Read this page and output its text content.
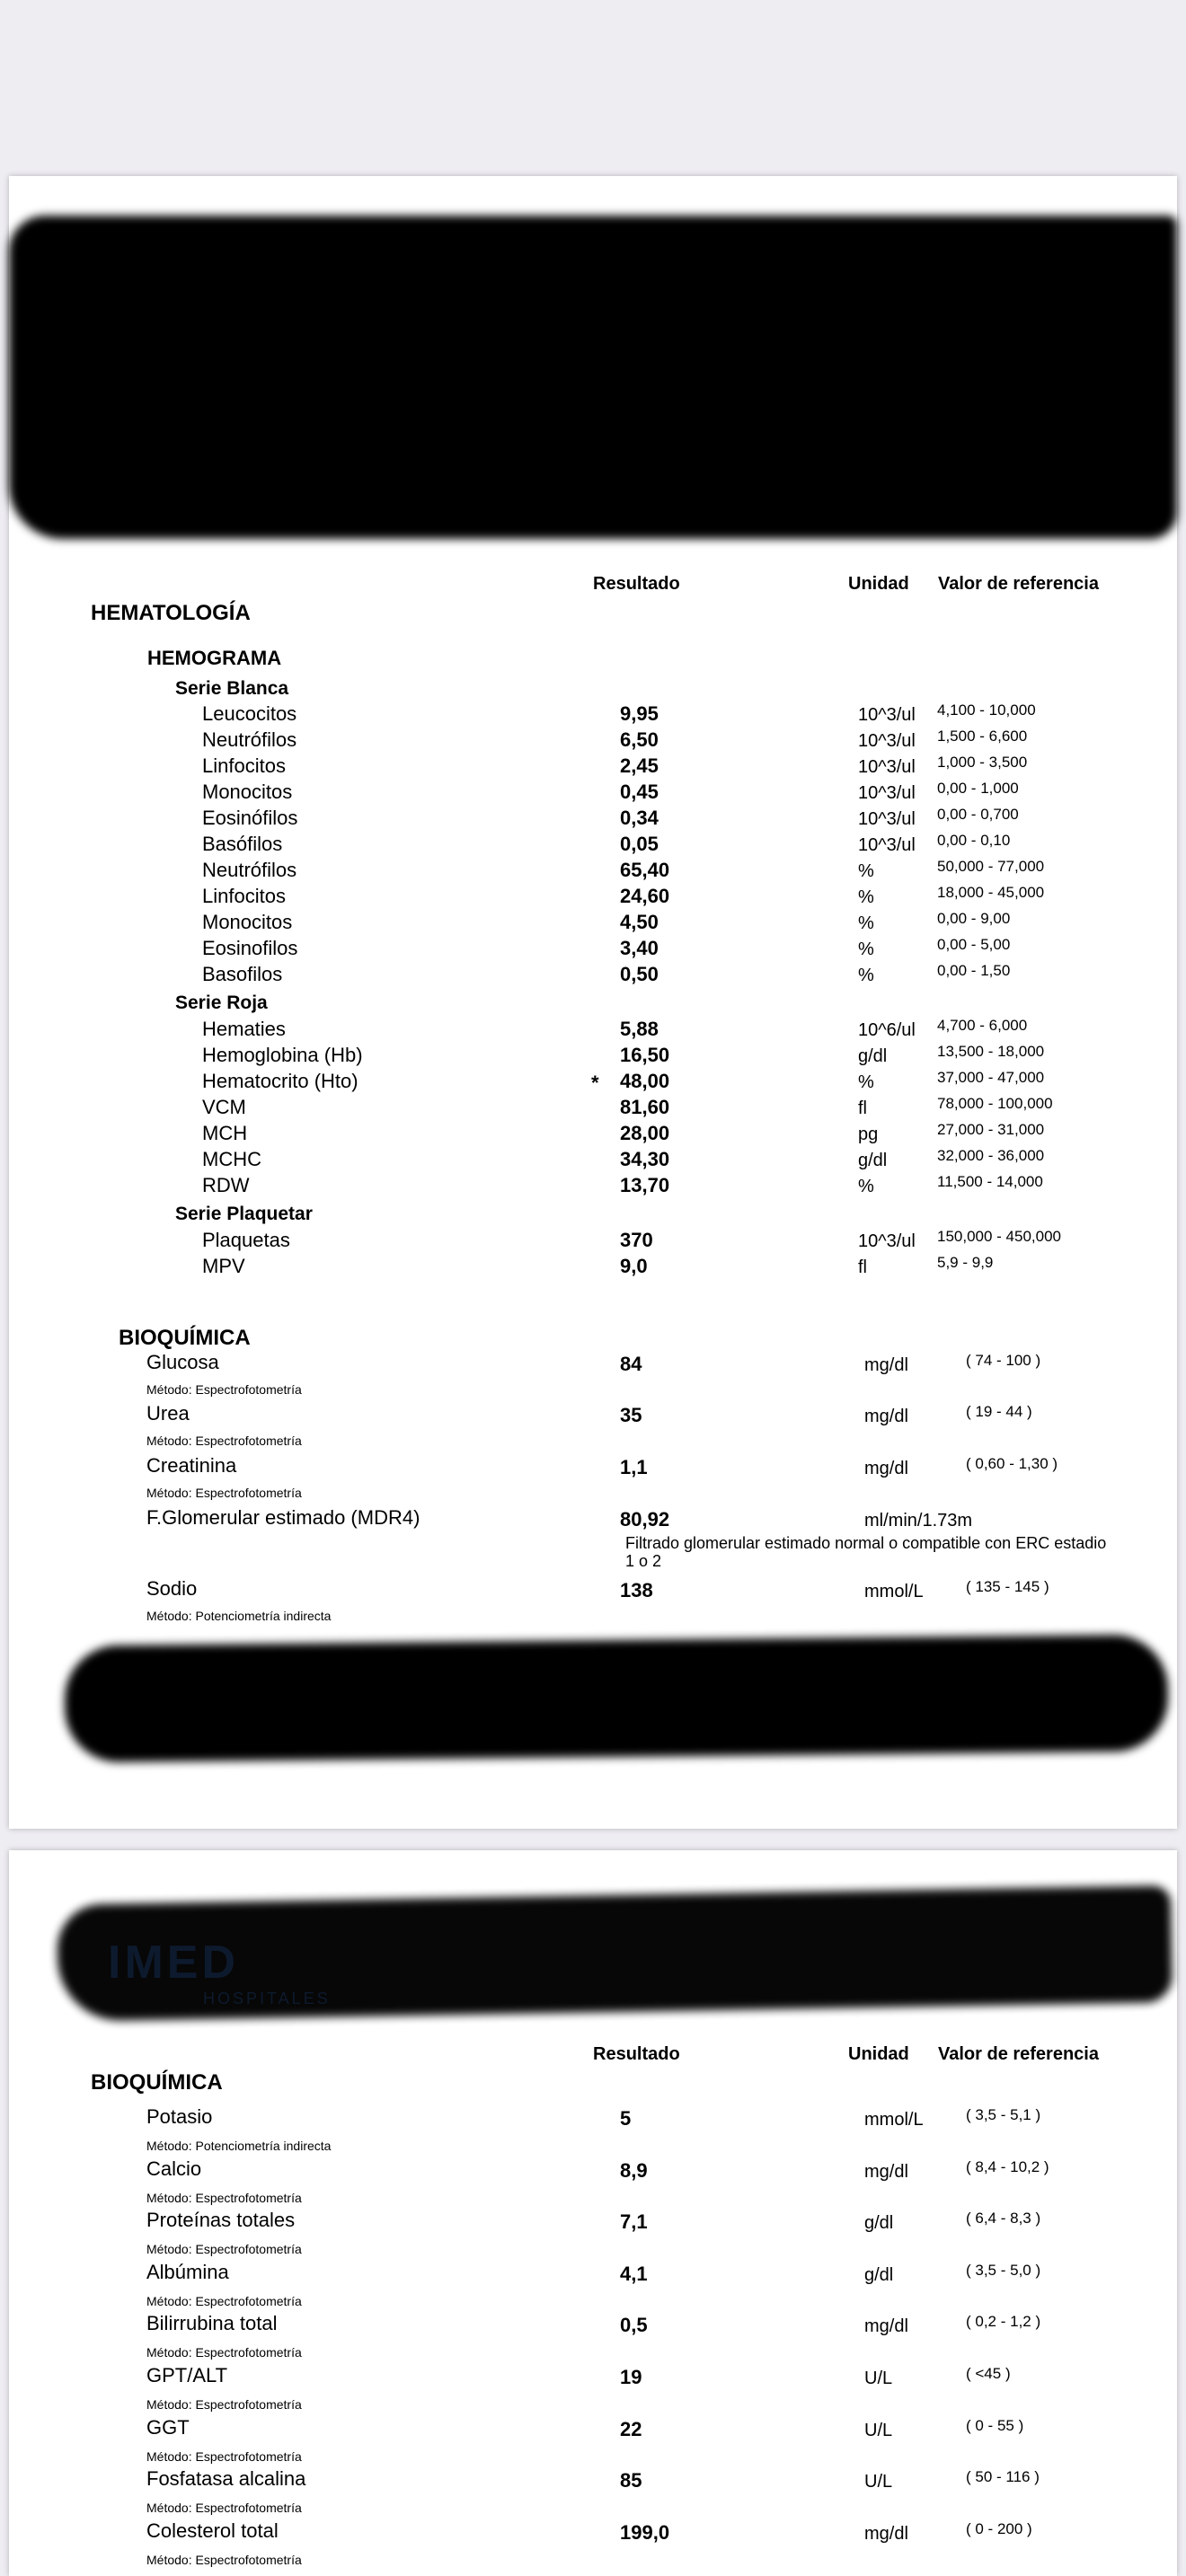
Resultado	Unidad Valor de referencia
HEMATOLOGÍA
HEMOGRAMA
Serie Blanca
Leucocitos	9,95	10^3/ul 4,100 - 10,000
Neutrófilos	6,50	10^3/ul 1,500 - 6,600
Linfocitos	2,45	10^3/ul 1,000 - 3,500
Monocitos	0,45	10^3/ul 0,00 - 1,000
Eosinófilos	0,34	10^3/ul 0,00 - 0,700
Basófilos	0,05	10^3/ul 0,00 - 0,10
Neutrófilos	65,40	%	50,000 - 77,000
Linfocitos	24,60	%	18,000 - 45,000
Monocitos	4,50	%	0,00 - 9,00
Eosinofilos	3,40	%	0,00 - 5,00
Basofilos	0,50	%	0,00 - 1,50
Serie Roja
Hematies	5,88	10^6/ul 4,700 - 6,000
Hemoglobina (Hb)	16,50	g/dl	13,500 - 18,000
Hematocrito (Hto)	* 48,00	%	37,000 - 47,000
VCM	81,60	fl	78,000 - 100,000
MCH	28,00	pg	27,000 - 31,000
MCHC	34,30	g/dl	32,000 - 36,000
RDW	13,70	%	11,500 - 14,000
Serie Plaquetar
Plaquetas	370	10^3/ul 150,000 - 450,000
MPV	9,0	fl	5,9 - 9,9
BIOQUÍMICA
Glucosa	84	mg/dl	( 74 - 100 )
Método: Espectrofotometría
Urea	35	mg/dl	( 19 - 44 )
Método: Espectrofotometría
Creatinina	1,1	mg/dl	( 0,60 - 1,30 )
Método: Espectrofotometría
F.Glomerular estimado (MDR4)	80,92	ml/min/1.73m
Sodio	138	mmol/L	( 135 - 145 )
Método: Potenciometría indirecta
Filtrado glomerular estimado normal o compatible con ERC estadio
1 o 2
IMED
HOSPITALES
Resultado	Unidad Valor de referencia
BIOQUÍMICA
Potasio	5	mmol/L	( 3,5 - 5,1 )
Método: Potenciometría indirecta
Calcio	8,9	mg/dl	( 8,4 - 10,2 )
Método: Espectrofotometría
Proteínas totales	7,1	g/dl	( 6,4 - 8,3 )
Método: Espectrofotometría
Albúmina	4,1	g/dl	( 3,5 - 5,0 )
Método: Espectrofotometría
Bilirrubina total	0,5	mg/dl	( 0,2 - 1,2 )
Método: Espectrofotometría
GPT/ALT	19	U/L	( <45 )
Método: Espectrofotometría
GGT	22	U/L	( 0 - 55 )
Método: Espectrofotometría
Fosfatasa alcalina	85	U/L	( 50 - 116 )
Método: Espectrofotometría
Colesterol total	199,0	mg/dl	( 0 - 200 )
Método: Espectrofotometría
